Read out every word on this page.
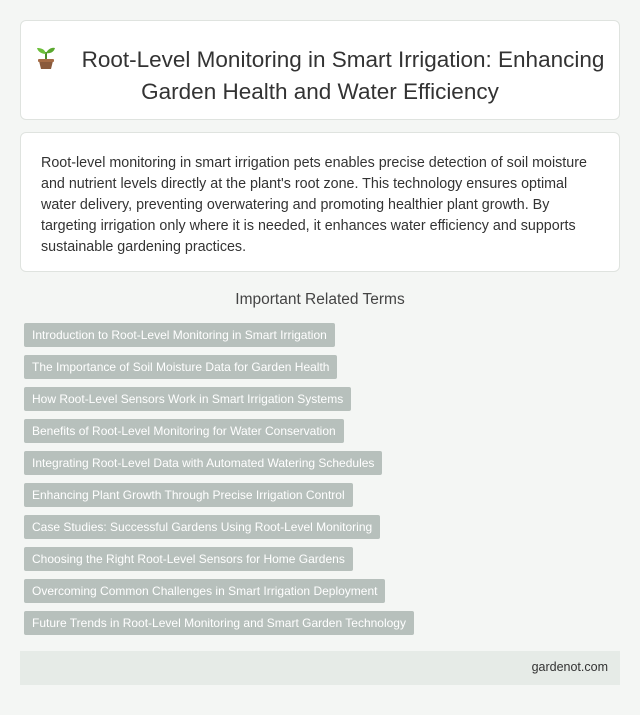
Root-Level Monitoring in Smart Irrigation: Enhancing Garden Health and Water Efficiency

Root-level monitoring in smart irrigation pets enables precise detection of soil moisture and nutrient levels directly at the plant's root zone. This technology ensures optimal water delivery, preventing overwatering and promoting healthier plant growth. By targeting irrigation only where it is needed, it enhances water efficiency and supports sustainable gardening practices.

Important Related Terms
Introduction to Root-Level Monitoring in Smart Irrigation
The Importance of Soil Moisture Data for Garden Health
How Root-Level Sensors Work in Smart Irrigation Systems
Benefits of Root-Level Monitoring for Water Conservation
Integrating Root-Level Data with Automated Watering Schedules
Enhancing Plant Growth Through Precise Irrigation Control
Case Studies: Successful Gardens Using Root-Level Monitoring
Choosing the Right Root-Level Sensors for Home Gardens
Overcoming Common Challenges in Smart Irrigation Deployment
Future Trends in Root-Level Monitoring and Smart Garden Technology
gardenot.com
